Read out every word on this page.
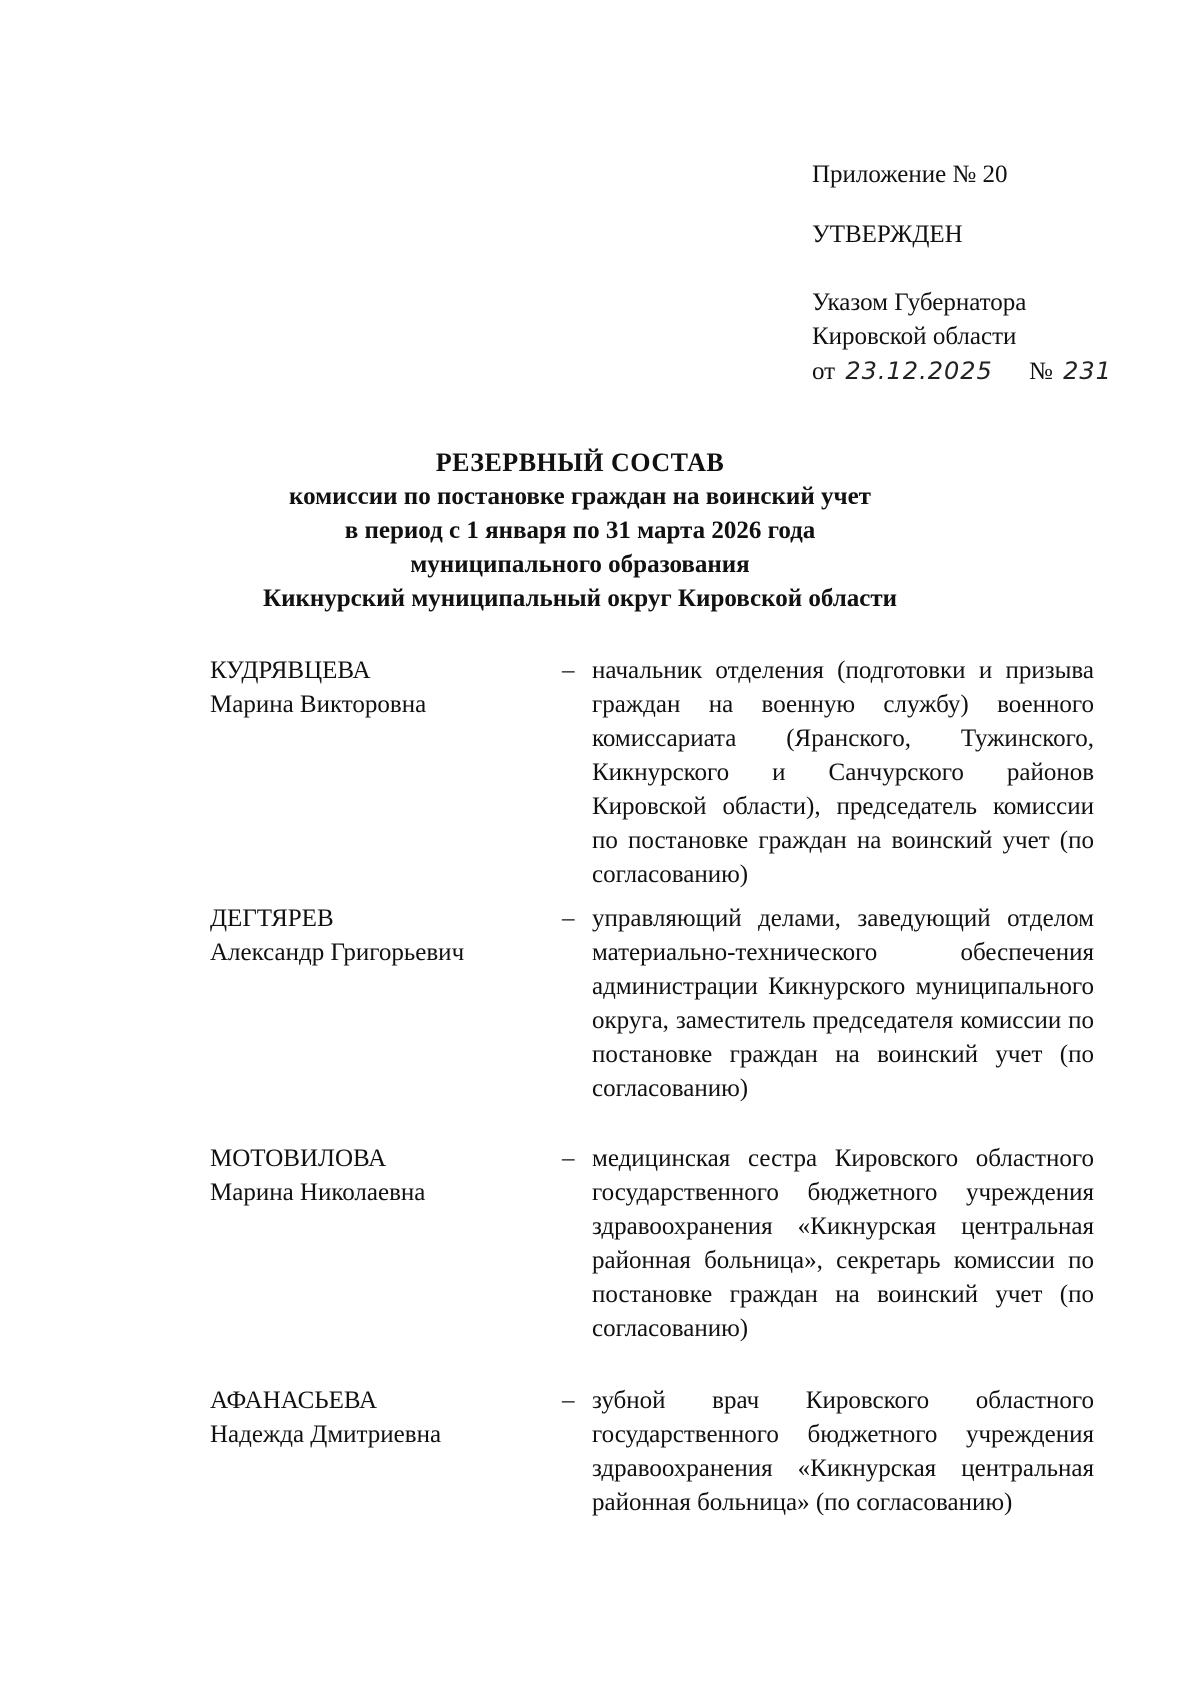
Приложение № 20
УТВЕРЖДЕН
Указом Губернатора
Кировской области
от 23.12.2025 № 231
РЕЗЕРВНЫЙ СОСТАВ
комиссии по постановке граждан на воинский учет
в период с 1 января по 31 марта 2026 года
муниципального образования
Кикнурский муниципальный округ Кировской области
КУДРЯВЦЕВА
Марина Викторовна
– начальник отделения (подготовки и призыва граждан на военную службу) военного комиссариата (Яранского, Тужинского, Кикнурского и Санчурского районов Кировской области), председатель комиссии по постановке граждан на воинский учет (по согласованию)
ДЕГТЯРЕВ
Александр Григорьевич
– управляющий делами, заведующий отделом материально-технического обеспечения администрации Кикнурского муниципального округа, заместитель председателя комиссии по постановке граждан на воинский учет (по согласованию)
МОТОВИЛОВА
Марина Николаевна
– медицинская сестра Кировского областного государственного бюджетного учреждения здравоохранения «Кикнурская центральная районная больница», секретарь комиссии по постановке граждан на воинский учет (по согласованию)
АФАНАСЬЕВА
Надежда Дмитриевна
– зубной врач Кировского областного государственного бюджетного учреждения здравоохранения «Кикнурская центральная районная больница» (по согласованию)
